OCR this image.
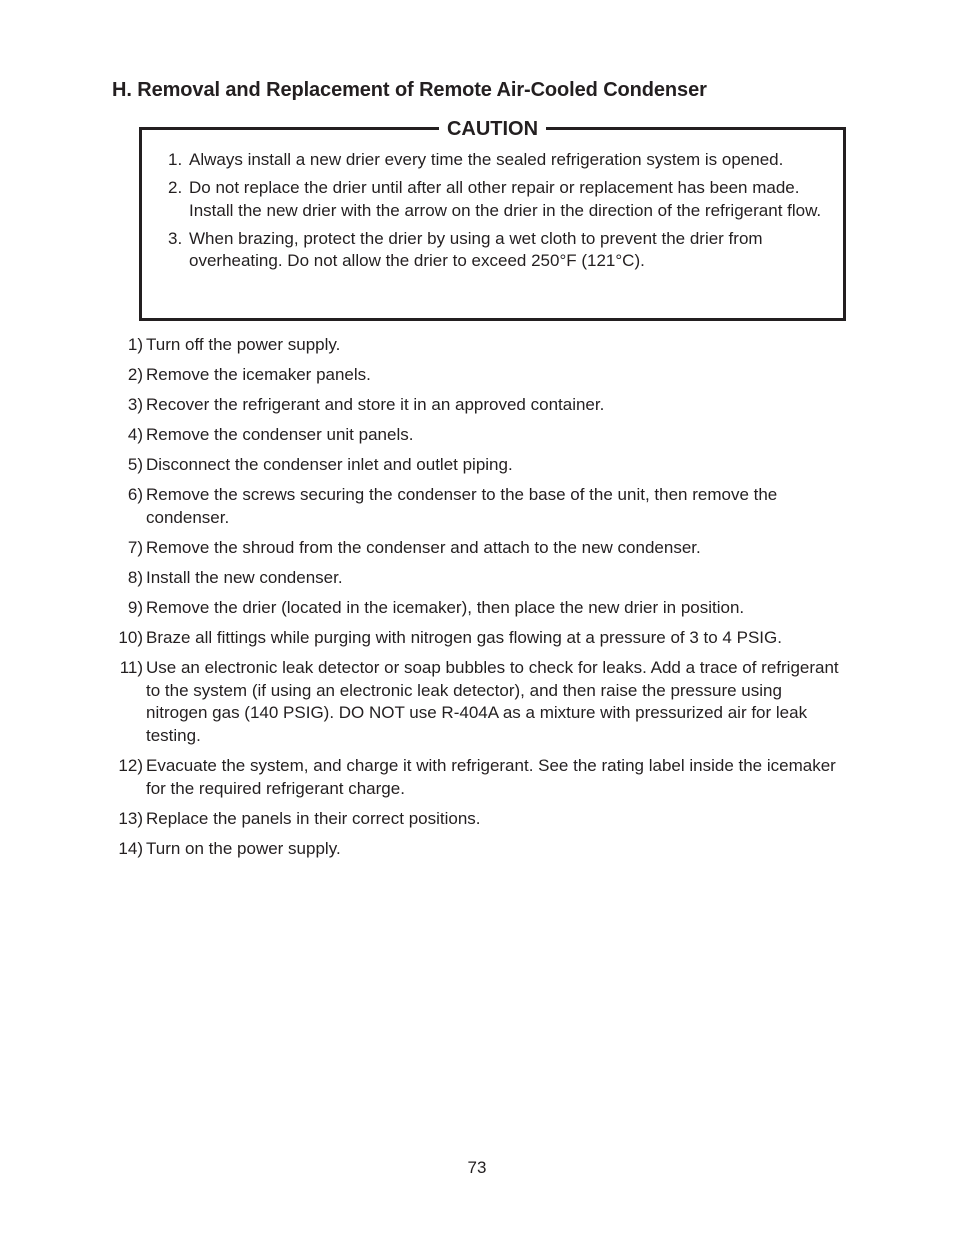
H. Removal and Replacement of Remote Air-Cooled Condenser
CAUTION
1. Always install a new drier every time the sealed refrigeration system is opened.
2. Do not replace the drier until after all other repair or replacement has been made. Install the new drier with the arrow on the drier in the direction of the refrigerant flow.
3. When brazing, protect the drier by using a wet cloth to prevent the drier from overheating. Do not allow the drier to exceed 250°F (121°C).
1) Turn off the power supply.
2) Remove the icemaker panels.
3) Recover the refrigerant and store it in an approved container.
4) Remove the condenser unit panels.
5) Disconnect the condenser inlet and outlet piping.
6) Remove the screws securing the condenser to the base of the unit, then remove the condenser.
7) Remove the shroud from the condenser and attach to the new condenser.
8) Install the new condenser.
9) Remove the drier (located in the icemaker), then place the new drier in position.
10) Braze all fittings while purging with nitrogen gas flowing at a pressure of 3 to 4 PSIG.
11) Use an electronic leak detector or soap bubbles to check for leaks. Add a trace of refrigerant to the system (if using an electronic leak detector), and then raise the pressure using nitrogen gas (140 PSIG). DO NOT use R-404A as a mixture with pressurized air for leak testing.
12) Evacuate the system, and charge it with refrigerant. See the rating label inside the icemaker for the required refrigerant charge.
13) Replace the panels in their correct positions.
14) Turn on the power supply.
73
